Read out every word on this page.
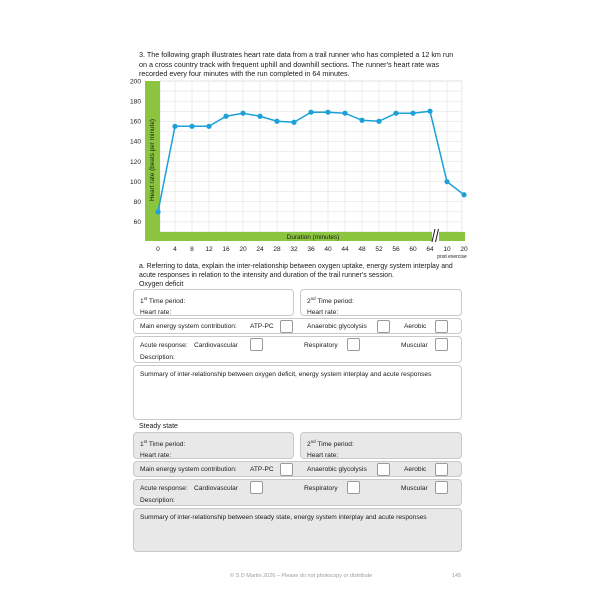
3. The following graph illustrates heart rate data from a trail runner who has completed a 12 km run on a cross country track with frequent uphill and downhill sections. The runner's heart rate was recorded every four minutes with the run completed in 64 minutes.
Heart rate (beats per minute)
Duration (minutes)
60
80
100
120
140
160
180
200
0 4 8 12 16 20 24 28 32 36 40 44 48 52 56 60 64 10 20
post exercise
a. Referring to data, explain the inter-relationship between oxygen uptake, energy system interplay and acute responses in relation to the intensity and duration of the trail runner's session.
Oxygen deficit
1st Time period:
Heart rate:
2nd Time period:
Heart rate:
Main energy system contribution: ATP-PC	Anaerobic glycolysis	Aerobic
Acute response: Cardiovascular	Respiratory	Muscular
Description:
Summary of inter-relationship between oxygen deficit, energy system interplay and acute responses
Steady state
1st Time period:
Heart rate:
2nd Time period:
Heart rate:
Main energy system contribution: ATP-PC	Anaerobic glycolysis	Aerobic
Acute response: Cardiovascular	Respiratory	Muscular
Description:
Summary of inter-relationship between steady state, energy system interplay and acute responses
© S D Martin 2026 – Please do not photocopy or distribute	145
